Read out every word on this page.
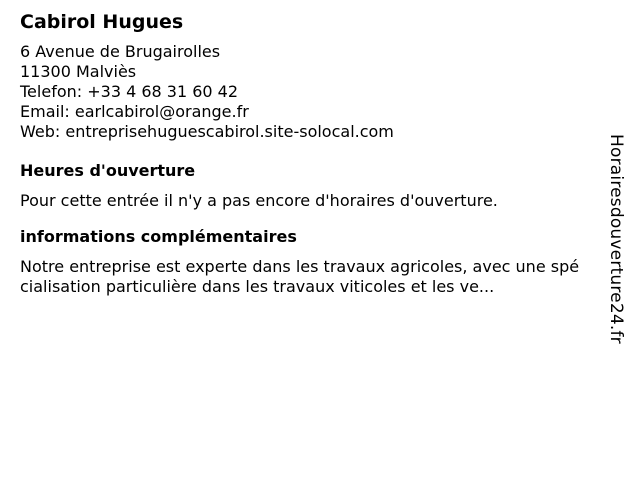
Cabirol Hugues
6 Avenue de Brugairolles
11300 Malviès
Telefon: +33 4 68 31 60 42
Email: earlcabirol@orange.fr
Web: entreprisehuguescabirol.site-solocal.com
Heures d'ouverture
Pour cette entrée il n'y a pas encore d'horaires d'ouverture.
informations complémentaires
Notre entreprise est experte dans les travaux agricoles, avec une spécialisation particulière dans les travaux viticoles et les ve...	Horairesdouverture24.fr
